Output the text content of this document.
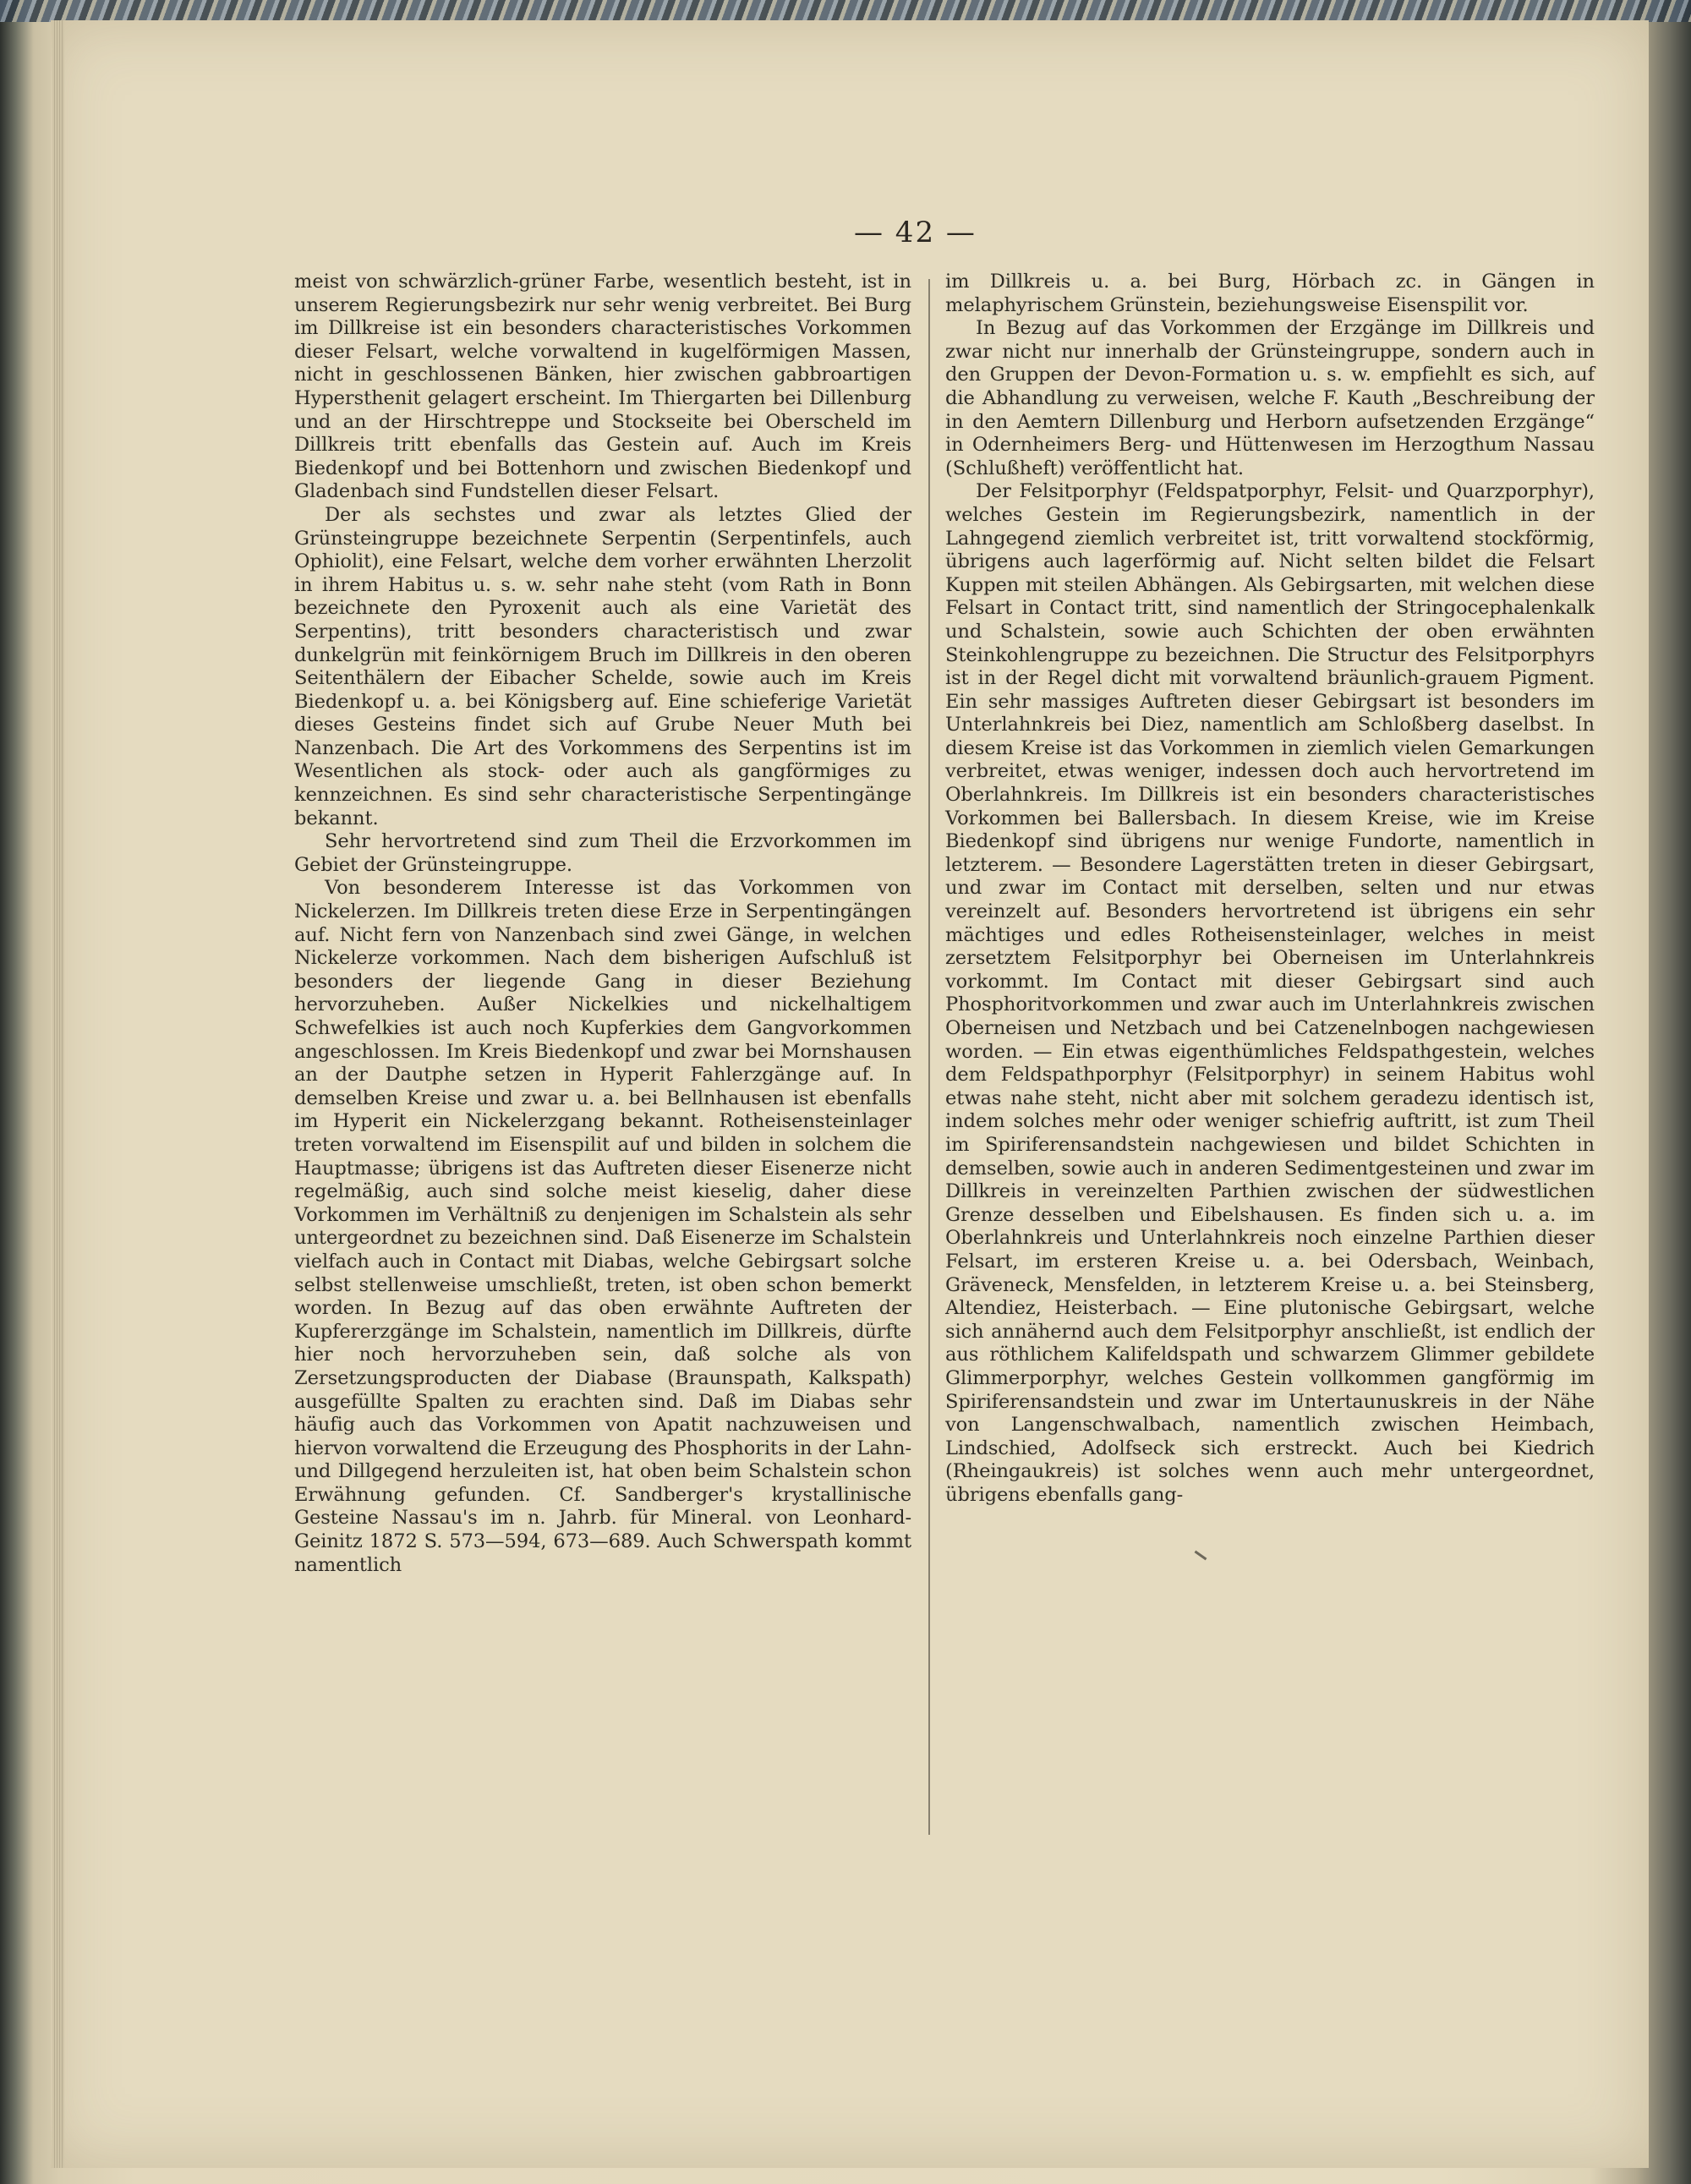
— 42 —

meist von schwärzlich-grüner Farbe, wesentlich besteht, ist in unserem Regierungsbezirk nur sehr wenig verbreitet. Bei Burg im Dillkreise ist ein besonders characteristisches Vorkommen dieser Felsart, welche vorwaltend in kugelförmigen Massen, nicht in geschlossenen Bänken, hier zwischen gabbroartigen Hypersthenit gelagert erscheint. Im Thiergarten bei Dillenburg und an der Hirschtreppe und Stockseite bei Oberscheld im Dillkreis tritt ebenfalls das Gestein auf. Auch im Kreis Biedenkopf und bei Bottenhorn und zwischen Biedenkopf und Gladenbach sind Fundstellen dieser Felsart.

Der als sechstes und zwar als letztes Glied der Grünsteingruppe bezeichnete Serpentin (Serpentinfels, auch Ophiolit), eine Felsart, welche dem vorher erwähnten Lherzolit in ihrem Habitus u. s. w. sehr nahe steht (vom Rath in Bonn bezeichnete den Pyroxenit auch als eine Varietät des Serpentins), tritt besonders characteristisch und zwar dunkelgrün mit feinkörnigem Bruch im Dillkreis in den oberen Seitenthälern der Eibacher Schelde, sowie auch im Kreis Biedenkopf u. a. bei Königsberg auf. Eine schieferige Varietät dieses Gesteins findet sich auf Grube Neuer Muth bei Nanzenbach. Die Art des Vorkommens des Serpentins ist im Wesentlichen als stock- oder auch als gangförmiges zu kennzeichnen. Es sind sehr characteristische Serpentingänge bekannt.

Sehr hervortretend sind zum Theil die Erzvorkommen im Gebiet der Grünsteingruppe.

Von besonderem Interesse ist das Vorkommen von Nickelerzen. Im Dillkreis treten diese Erze in Serpentingängen auf. Nicht fern von Nanzenbach sind zwei Gänge, in welchen Nickelerze vorkommen. Nach dem bisherigen Aufschluß ist besonders der liegende Gang in dieser Beziehung hervorzuheben. Außer Nickelkies und nickelhaltigem Schwefelkies ist auch noch Kupferkies dem Gangvorkommen angeschlossen. Im Kreis Biedenkopf und zwar bei Mornshausen an der Dautphe setzen in Hyperit Fahlerzgänge auf. In demselben Kreise und zwar u. a. bei Bellnhausen ist ebenfalls im Hyperit ein Nickelerzgang bekannt. Rotheisensteinlager treten vorwaltend im Eisenspilit auf und bilden in solchem die Hauptmasse; übrigens ist das Auftreten dieser Eisenerze nicht regelmäßig, auch sind solche meist kieselig, daher diese Vorkommen im Verhältniß zu denjenigen im Schalstein als sehr untergeordnet zu bezeichnen sind. Daß Eisenerze im Schalstein vielfach auch in Contact mit Diabas, welche Gebirgsart solche selbst stellenweise umschließt, treten, ist oben schon bemerkt worden. In Bezug auf das oben erwähnte Auftreten der Kupfererzgänge im Schalstein, namentlich im Dillkreis, dürfte hier noch hervorzuheben sein, daß solche als von Zersetzungsproducten der Diabase (Braunspath, Kalkspath) ausgefüllte Spalten zu erachten sind. Daß im Diabas sehr häufig auch das Vorkommen von Apatit nachzuweisen und hiervon vorwaltend die Erzeugung des Phosphorits in der Lahn- und Dillgegend herzuleiten ist, hat oben beim Schalstein schon Erwähnung gefunden. Cf. Sandberger's krystallinische Gesteine Nassau's im n. Jahrb. für Mineral. von Leonhard-Geinitz 1872 S. 573—594, 673—689. Auch Schwerspath kommt namentlich

im Dillkreis u. a. bei Burg, Hörbach zc. in Gängen in melaphyrischem Grünstein, beziehungsweise Eisenspilit vor.

In Bezug auf das Vorkommen der Erzgänge im Dillkreis und zwar nicht nur innerhalb der Grünsteingruppe, sondern auch in den Gruppen der Devon-Formation u. s. w. empfiehlt es sich, auf die Abhandlung zu verweisen, welche F. Kauth „Beschreibung der in den Aemtern Dillenburg und Herborn aufsetzenden Erzgänge“ in Odernheimers Berg- und Hüttenwesen im Herzogthum Nassau (Schlußheft) veröffentlicht hat.

Der Felsitporphyr (Feldspatporphyr, Felsit- und Quarzporphyr), welches Gestein im Regierungsbezirk, namentlich in der Lahngegend ziemlich verbreitet ist, tritt vorwaltend stockförmig, übrigens auch lagerförmig auf. Nicht selten bildet die Felsart Kuppen mit steilen Abhängen. Als Gebirgsarten, mit welchen diese Felsart in Contact tritt, sind namentlich der Stringocephalenkalk und Schalstein, sowie auch Schichten der oben erwähnten Steinkohlengruppe zu bezeichnen. Die Structur des Felsitporphyrs ist in der Regel dicht mit vorwaltend bräunlich-grauem Pigment. Ein sehr massiges Auftreten dieser Gebirgsart ist besonders im Unterlahnkreis bei Diez, namentlich am Schloßberg daselbst. In diesem Kreise ist das Vorkommen in ziemlich vielen Gemarkungen verbreitet, etwas weniger, indessen doch auch hervortretend im Oberlahnkreis. Im Dillkreis ist ein besonders characteristisches Vorkommen bei Ballersbach. In diesem Kreise, wie im Kreise Biedenkopf sind übrigens nur wenige Fundorte, namentlich in letzterem. — Besondere Lagerstätten treten in dieser Gebirgsart, und zwar im Contact mit derselben, selten und nur etwas vereinzelt auf. Besonders hervortretend ist übrigens ein sehr mächtiges und edles Rotheisensteinlager, welches in meist zersetztem Felsitporphyr bei Oberneisen im Unterlahnkreis vorkommt. Im Contact mit dieser Gebirgsart sind auch Phosphoritvorkommen und zwar auch im Unterlahnkreis zwischen Oberneisen und Netzbach und bei Catzenelnbogen nachgewiesen worden. — Ein etwas eigenthümliches Feldspathgestein, welches dem Feldspathporphyr (Felsitporphyr) in seinem Habitus wohl etwas nahe steht, nicht aber mit solchem geradezu identisch ist, indem solches mehr oder weniger schiefrig auftritt, ist zum Theil im Spiriferensandstein nachgewiesen und bildet Schichten in demselben, sowie auch in anderen Sedimentgesteinen und zwar im Dillkreis in vereinzelten Parthien zwischen der südwestlichen Grenze desselben und Eibelshausen. Es finden sich u. a. im Oberlahnkreis und Unterlahnkreis noch einzelne Parthien dieser Felsart, im ersteren Kreise u. a. bei Odersbach, Weinbach, Gräveneck, Mensfelden, in letzterem Kreise u. a. bei Steinsberg, Altendiez, Heisterbach. — Eine plutonische Gebirgsart, welche sich annähernd auch dem Felsitporphyr anschließt, ist endlich der aus röthlichem Kalifeldspath und schwarzem Glimmer gebildete Glimmerporphyr, welches Gestein vollkommen gangförmig im Spiriferensandstein und zwar im Untertaunuskreis in der Nähe von Langenschwalbach, namentlich zwischen Heimbach, Lindschied, Adolfseck sich erstreckt. Auch bei Kiedrich (Rheingaukreis) ist solches wenn auch mehr untergeordnet, übrigens ebenfalls gang-
